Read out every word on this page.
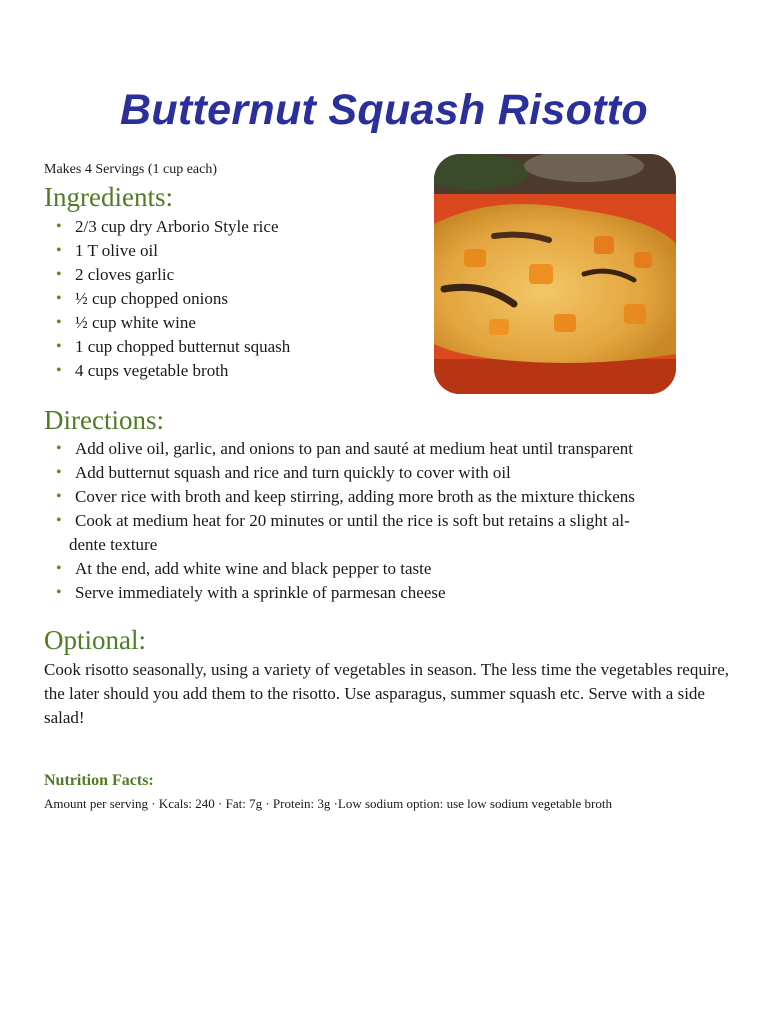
Butternut Squash Risotto
Makes 4 Servings (1 cup each)
Ingredients:
• 2/3 cup dry Arborio Style rice
• 1 T olive oil
• 2 cloves garlic
• ½ cup chopped onions
• ½ cup white wine
• 1 cup chopped butternut squash
• 4 cups vegetable broth
Directions:
• Add olive oil, garlic, and onions to pan and sauté at medium heat until transparent
• Add butternut squash and rice and turn quickly to cover with oil
• Cover rice with broth and keep stirring, adding more broth as the mixture thickens
• Cook at medium heat for 20 minutes or until the rice is soft but retains a slight al-
dente texture
• At the end, add white wine and black pepper to taste
• Serve immediately with a sprinkle of parmesan cheese
Optional:
Cook risotto seasonally, using a variety of vegetables in season. The less time the vegetables require, the later should you add them to the risotto. Use asparagus, summer squash etc. Serve with a side salad!
Nutrition Facts:
Amount per serving · Kcals: 240 · Fat: 7g · Protein: 3g ·Low sodium option: use low sodium vegetable broth
